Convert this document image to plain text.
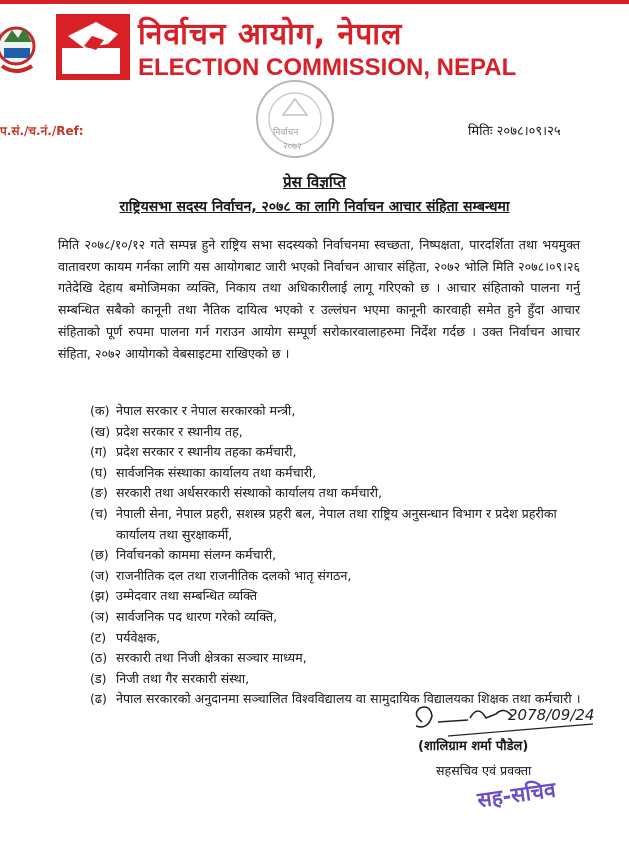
निर्वाचन आयोग, नेपाल
ELECTION COMMISSION, NEPAL
प.सं./च.नं./Ref:	मितिः २०७८।०९।२५
निर्वाचन
२०७२
प्रेस विज्ञप्ति
राष्ट्रियसभा सदस्य निर्वाचन, २०७८ का लागि निर्वाचन आचार संहिता सम्बन्धमा
मिति २०७८/१०/१२ गते सम्पन्न हुने राष्ट्रिय सभा सदस्यको निर्वाचनमा स्वच्छता, निष्पक्षता, पारदर्शिता तथा भयमुक्त वातावरण कायम गर्नका लागि यस आयोगबाट जारी भएको निर्वाचन आचार संहिता, २०७२ भोलि मिति २०७८।०९।२६ गतेदेखि देहाय बमोजिमका व्यक्ति, निकाय तथा अधिकारीलाई लागू गरिएको छ । आचार संहिताको पालना गर्नु सम्बन्धित सबैको कानूनी तथा नैतिक दायित्व भएको र उल्लंघन भएमा कानूनी कारवाही समेत हुने हुँदा आचार संहिताको पूर्ण रुपमा पालना गर्न गराउन आयोग सम्पूर्ण सरोकारवालाहरुमा निर्देश गर्दछ । उक्त निर्वाचन आचार संहिता, २०७२ आयोगको वेबसाइटमा राखिएको छ ।
(क) नेपाल सरकार र नेपाल सरकारको मन्त्री,
(ख) प्रदेश सरकार र स्थानीय तह,
(ग) प्रदेश सरकार र स्थानीय तहका कर्मचारी,
(घ) सार्वजनिक संस्थाका कार्यालय तथा कर्मचारी,
(ङ) सरकारी तथा अर्धसरकारी संस्थाको कार्यालय तथा कर्मचारी,
(च) नेपाली सेना, नेपाल प्रहरी, सशस्त्र प्रहरी बल, नेपाल तथा राष्ट्रिय अनुसन्धान विभाग र प्रदेश प्रहरीका कार्यालय तथा सुरक्षाकर्मी,
(छ) निर्वाचनको काममा संलग्न कर्मचारी,
(ज) राजनीतिक दल तथा राजनीतिक दलको भातृ संगठन,
(झ) उम्मेदवार तथा सम्बन्धित व्यक्ति
(ञ) सार्वजनिक पद धारण गरेको व्यक्ति,
(ट) पर्यवेक्षक,
(ठ) सरकारी तथा निजी क्षेत्रका सञ्चार माध्यम,
(ड) निजी तथा गैर सरकारी संस्था,
(ढ) नेपाल सरकारको अनुदानमा सञ्चालित विश्वविद्यालय वा सामुदायिक विद्यालयका शिक्षक तथा कर्मचारी ।
2078/09/24
(शालिग्राम शर्मा पौडेल)
सहसचिव एवं प्रवक्ता
सह-सचिव
